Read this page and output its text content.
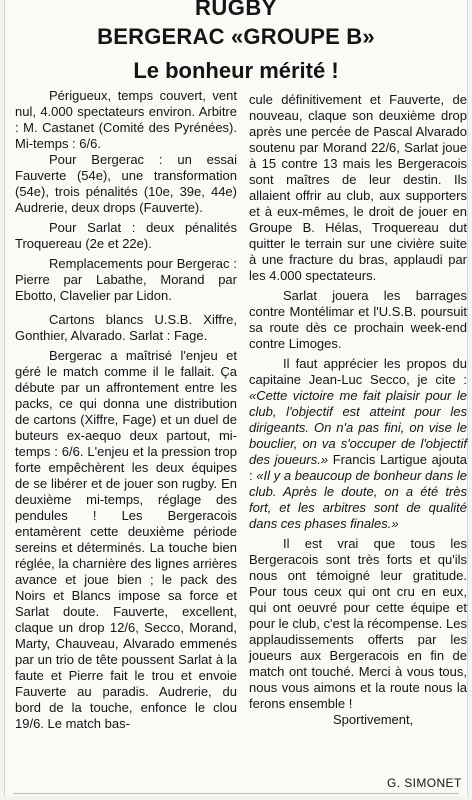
RUGBY
BERGERAC «GROUPE B»
Le bonheur mérité !

Périgueux, temps couvert, vent nul, 4.000 spectateurs environ. Arbitre : M. Castanet (Comité des Pyrénées). Mi-temps : 6/6.

Pour Bergerac : un essai Fauverte (54e), une transformation (54e), trois pénalités (10e, 39e, 44e) Audrerie, deux drops (Fauverte).

Pour Sarlat : deux pénalités Troquereau (2e et 22e).

Remplacements pour Bergerac : Pierre par Labathe, Morand par Ebotto, Clavelier par Lidon.

Cartons blancs U.S.B. Xiffre, Gonthier, Alvarado. Sarlat : Fage.

Bergerac a maîtrisé l'enjeu et géré le match comme il le fallait. Ça débute par un affrontement entre les packs, ce qui donna une distribution de cartons (Xiffre, Fage) et un duel de buteurs ex-aequo deux partout, mi-temps : 6/6. L'enjeu et la pression trop forte empêchèrent les deux équipes de se libérer et de jouer son rugby. En deuxième mi-temps, réglage des pendules ! Les Bergeracois entamèrent cette deuxième période sereins et déterminés. La touche bien réglée, la charnière des lignes arrières avance et joue bien ; le pack des Noirs et Blancs impose sa force et Sarlat doute. Fauverte, excellent, claque un drop 12/6, Secco, Morand, Marty, Chauveau, Alvarado emmenés par un trio de tête poussent Sarlat à la faute et Pierre fait le trou et envoie Fauverte au paradis. Audrerie, du bord de la touche, enfonce le clou 19/6. Le match bas-

cule définitivement et Fauverte, de nouveau, claque son deuxième drop après une percée de Pascal Alvarado soutenu par Morand 22/6, Sarlat joue à 15 contre 13 mais les Bergeracois sont maîtres de leur destin. Ils allaient offrir au club, aux supporters et à eux-mêmes, le droit de jouer en Groupe B. Hélas, Troquereau dut quitter le terrain sur une civière suite à une fracture du bras, applaudi par les 4.000 spectateurs.

Sarlat jouera les barrages contre Montélimar et l'U.S.B. poursuit sa route dès ce prochain week-end contre Limoges.

Il faut apprécier les propos du capitaine Jean-Luc Secco, je cite : «Cette victoire me fait plaisir pour le club, l'objectif est atteint pour les dirigeants. On n'a pas fini, on vise le bouclier, on va s'occuper de l'objectif des joueurs.» Francis Lartigue ajouta : «Il y a beaucoup de bonheur dans le club. Après le doute, on a été très fort, et les arbitres sont de qualité dans ces phases finales.»

Il est vrai que tous les Bergeracois sont très forts et qu'ils nous ont témoigné leur gratitude. Pour tous ceux qui ont cru en eux, qui ont oeuvré pour cette équipe et pour le club, c'est la récompense. Les applaudissements offerts par les joueurs aux Bergeracois en fin de match ont touché. Merci à vous tous, nous vous aimons et la route nous la ferons ensemble !

Sportivement,

G. SIMONET
